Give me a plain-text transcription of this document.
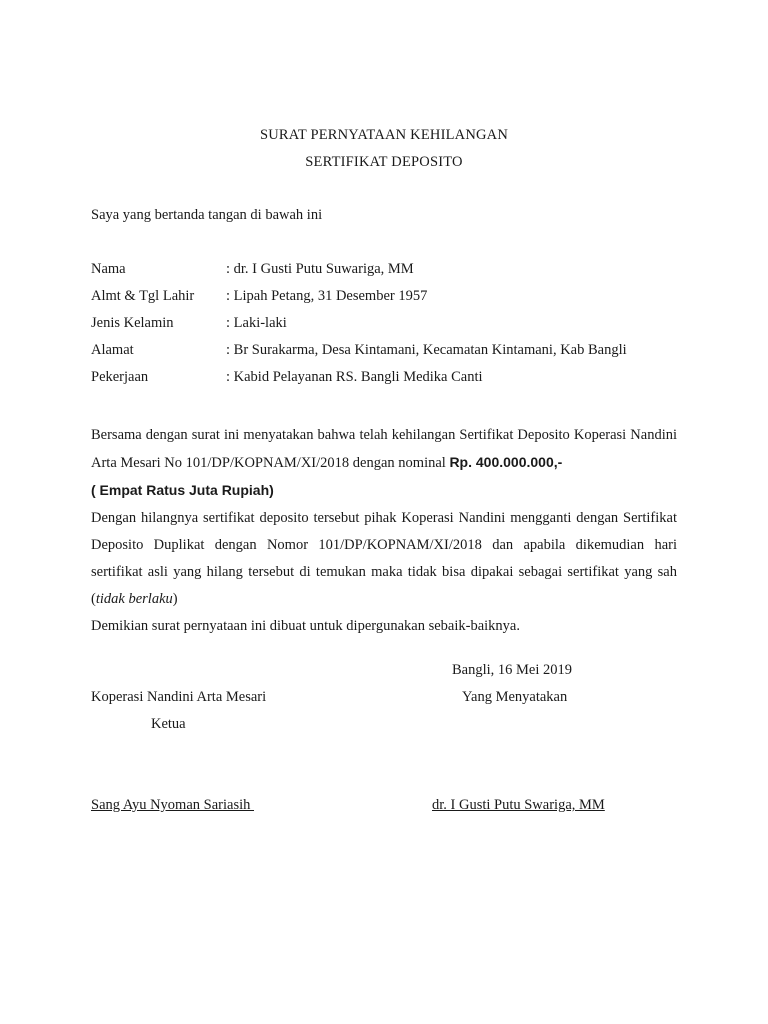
SURAT PERNYATAAN KEHILANGAN
SERTIFIKAT DEPOSITO
Saya yang bertanda tangan di bawah ini
Nama	: dr. I Gusti Putu Suwariga, MM
Almt & Tgl Lahir	: Lipah Petang, 31 Desember 1957
Jenis Kelamin	: Laki-laki
Alamat	: Br Surakarma, Desa Kintamani, Kecamatan Kintamani, Kab Bangli
Pekerjaan	: Kabid Pelayanan RS. Bangli Medika Canti

Bersama dengan surat ini menyatakan bahwa telah kehilangan Sertifikat Deposito Koperasi Nandini Arta Mesari No 101/DP/KOPNAM/XI/2018 dengan nominal Rp. 400.000.000,-
( Empat Ratus Juta Rupiah)

Dengan hilangnya sertifikat deposito tersebut pihak Koperasi Nandini mengganti dengan Sertifikat Deposito Duplikat dengan Nomor 101/DP/KOPNAM/XI/2018 dan apabila dikemudian hari sertifikat asli yang hilang tersebut di temukan maka tidak bisa dipakai sebagai sertifikat yang sah (tidak berlaku)

Demikian surat pernyataan ini dibuat untuk dipergunakan sebaik-baiknya.

Bangli, 16 Mei 2019
Koperasi Nandini Arta Mesari	Yang Menyatakan
Ketua
Sang Ayu Nyoman Sariasih	dr. I Gusti Putu Swariga, MM
